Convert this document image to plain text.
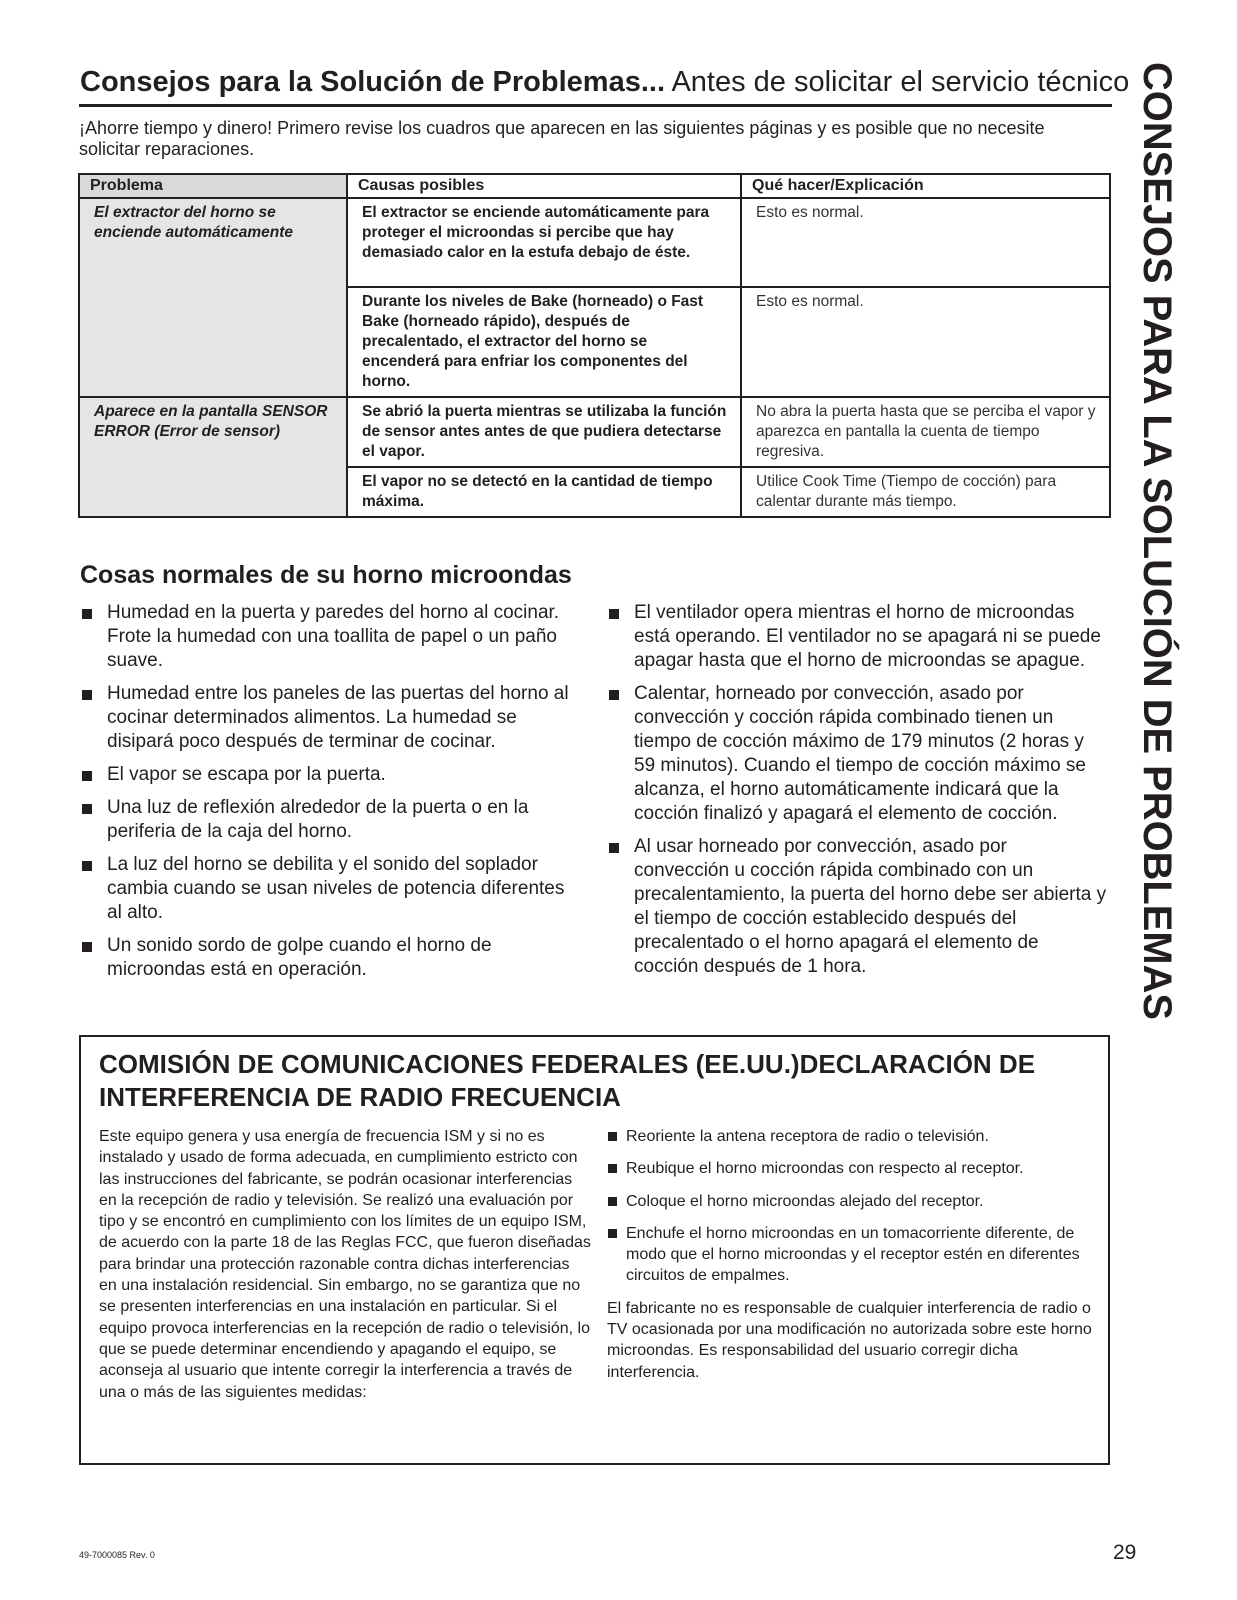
Consejos para la Solución de Problemas... Antes de solicitar el servicio técnico
¡Ahorre tiempo y dinero! Primero revise los cuadros que aparecen en las siguientes páginas y es posible que no necesite solicitar reparaciones.	CONSEJOS PARA LA SOLUCIÓN DE PROBLEMAS
Problema	Causas posibles	Qué hacer/Explicación
El extractor del horno se enciende automáticamente	El extractor se enciende automáticamente para proteger el microondas si percibe que hay demasiado calor en la estufa debajo de éste.	Esto es normal.
	Durante los niveles de Bake (horneado) o Fast Bake (horneado rápido), después de precalentado, el extractor del horno se encenderá para enfriar los componentes del horno.	Esto es normal.
Aparece en la pantalla SENSOR ERROR (Error de sensor)	Se abrió la puerta mientras se utilizaba la función de sensor antes antes de que pudiera detectarse el vapor.	No abra la puerta hasta que se perciba el vapor y aparezca en pantalla la cuenta de tiempo regresiva.
	El vapor no se detectó en la cantidad de tiempo máxima.	Utilice Cook Time (Tiempo de cocción) para calentar durante más tiempo.
Cosas normales de su horno microondas
Humedad en la puerta y paredes del horno al cocinar. Frote la humedad con una toallita de papel o un paño suave.
Humedad entre los paneles de las puertas del horno al cocinar determinados alimentos. La humedad se disipará poco después de terminar de cocinar.
El vapor se escapa por la puerta.
Una luz de reflexión alrededor de la puerta o en la periferia de la caja del horno.
La luz del horno se debilita y el sonido del soplador cambia cuando se usan niveles de potencia diferentes al alto.
Un sonido sordo de golpe cuando el horno de microondas está en operación.
El ventilador opera mientras el horno de microondas está operando. El ventilador no se apagará ni se puede apagar hasta que el horno de microondas se apague.
Calentar, horneado por convección, asado por convección y cocción rápida combinado tienen un tiempo de cocción máximo de 179 minutos (2 horas y 59 minutos). Cuando el tiempo de cocción máximo se alcanza, el horno automáticamente indicará que la cocción finalizó y apagará el elemento de cocción.
Al usar horneado por convección, asado por convección u cocción rápida combinado con un precalentamiento, la puerta del horno debe ser abierta y el tiempo de cocción establecido después del precalentado o el horno apagará el elemento de cocción después de 1 hora.
COMISIÓN DE COMUNICACIONES FEDERALES (EE.UU.)DECLARACIÓN DE INTERFERENCIA DE RADIO FRECUENCIA
Este equipo genera y usa energía de frecuencia ISM y si no es instalado y usado de forma adecuada, en cumplimiento estricto con las instrucciones del fabricante, se podrán ocasionar interferencias en la recepción de radio y televisión. Se realizó una evaluación por tipo y se encontró en cumplimiento con los límites de un equipo ISM, de acuerdo con la parte 18 de las Reglas FCC, que fueron diseñadas para brindar una protección razonable contra dichas interferencias en una instalación residencial. Sin embargo, no se garantiza que no se presenten interferencias en una instalación en particular. Si el equipo provoca interferencias en la recepción de radio o televisión, lo que se puede determinar encendiendo y apagando el equipo, se aconseja al usuario que intente corregir la interferencia a través de una o más de las siguientes medidas:
Reoriente la antena receptora de radio o televisión.
Reubique el horno microondas con respecto al receptor.
Coloque el horno microondas alejado del receptor.
Enchufe el horno microondas en un tomacorriente diferente, de modo que el horno microondas y el receptor estén en diferentes circuitos de empalmes.
El fabricante no es responsable de cualquier interferencia de radio o TV ocasionada por una modificación no autorizada sobre este horno microondas. Es responsabilidad del usuario corregir dicha interferencia.
49-7000085 Rev. 0	29
